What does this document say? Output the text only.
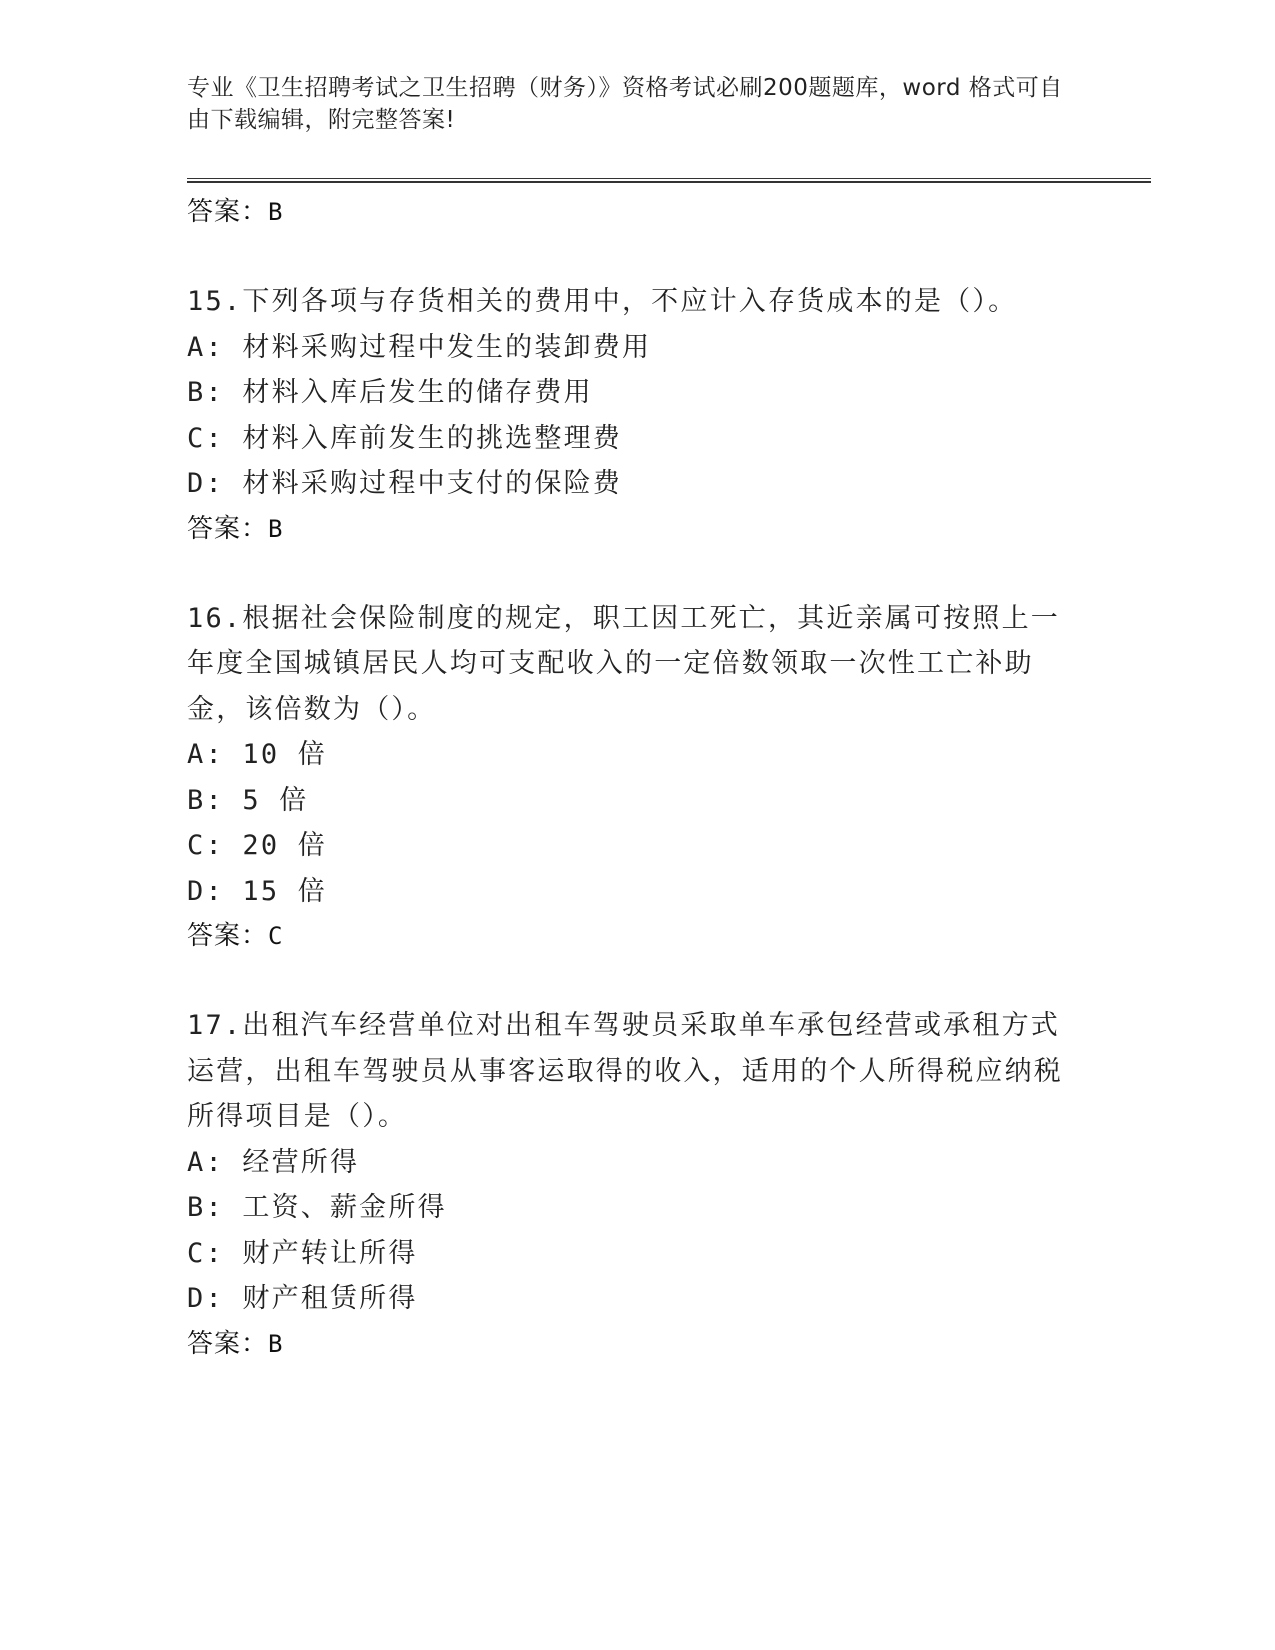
专业《卫生招聘考试之卫生招聘（财务）》资格考试必刷200题题库，word 格式可自由下载编辑，附完整答案!
答案：B
15.下列各项与存货相关的费用中，不应计入存货成本的是（）。
A: 材料采购过程中发生的装卸费用
B: 材料入库后发生的储存费用
C: 材料入库前发生的挑选整理费
D: 材料采购过程中支付的保险费
答案：B
16.根据社会保险制度的规定，职工因工死亡，其近亲属可按照上一年度全国城镇居民人均可支配收入的一定倍数领取一次性工亡补助金，该倍数为（）。
A: 10 倍
B: 5 倍
C: 20 倍
D: 15 倍
答案：C
17.出租汽车经营单位对出租车驾驶员采取单车承包经营或承租方式运营，出租车驾驶员从事客运取得的收入，适用的个人所得税应纳税所得项目是（）。
A: 经营所得
B: 工资、薪金所得
C: 财产转让所得
D: 财产租赁所得
答案：B
